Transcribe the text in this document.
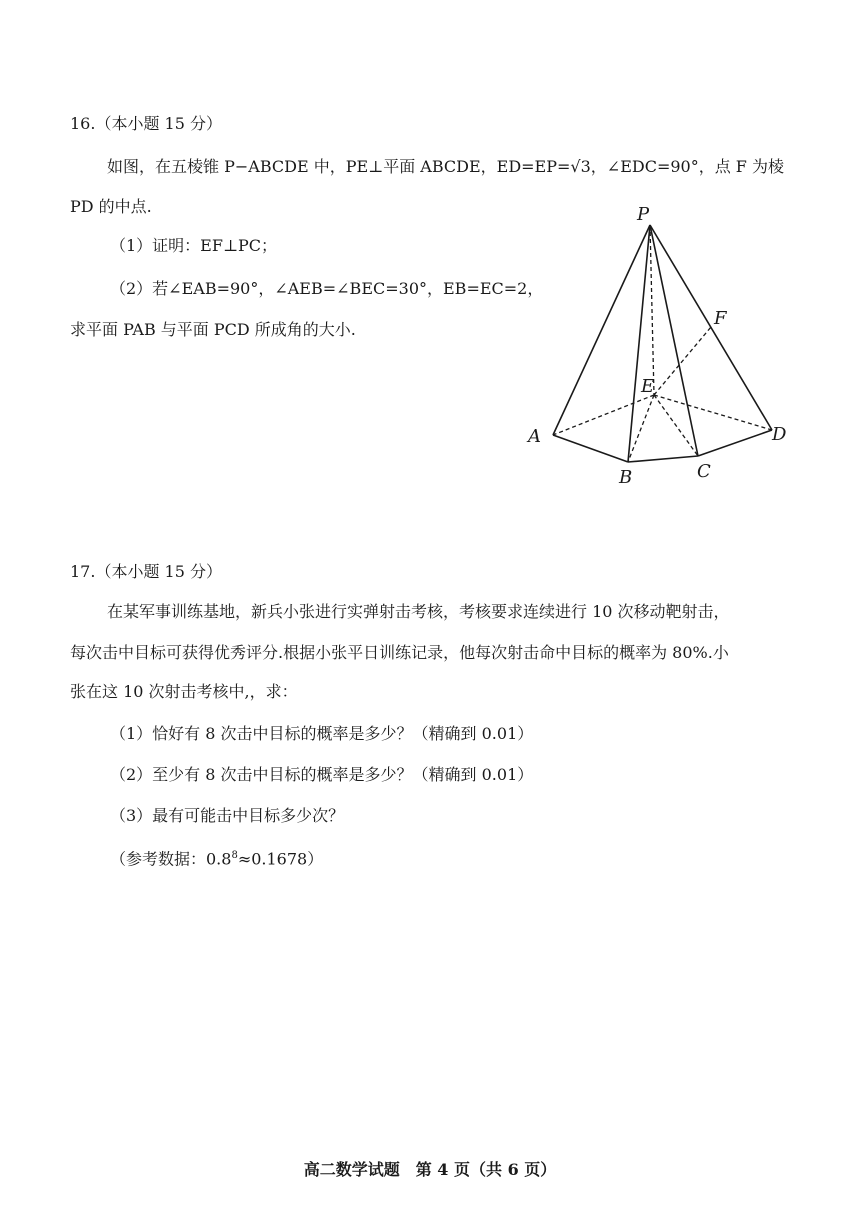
16.（本小题 15 分）
如图，在五棱锥 P−ABCDE 中，PE⊥平面 ABCDE，ED=EP=√3，∠EDC=90°，点 F 为棱
PD 的中点.
（1）证明：EF⊥PC；
（2）若∠EAB=90°，∠AEB=∠BEC=30°，EB=EC=2，
求平面 PAB 与平面 PCD 所成角的大小.
P
F
E
A	D
B	C
17.（本小题 15 分）
在某军事训练基地，新兵小张进行实弹射击考核，考核要求连续进行 10 次移动靶射击，
每次击中目标可获得优秀评分.根据小张平日训练记录，他每次射击命中目标的概率为 80%.小
张在这 10 次射击考核中,，求：
（1）恰好有 8 次击中目标的概率是多少？（精确到 0.01）
（2）至少有 8 次击中目标的概率是多少？（精确到 0.01）
（3）最有可能击中目标多少次？
（参考数据：$0.8^8\approx 0.1678$）
高二数学试题　第 4 页（共 6 页）
